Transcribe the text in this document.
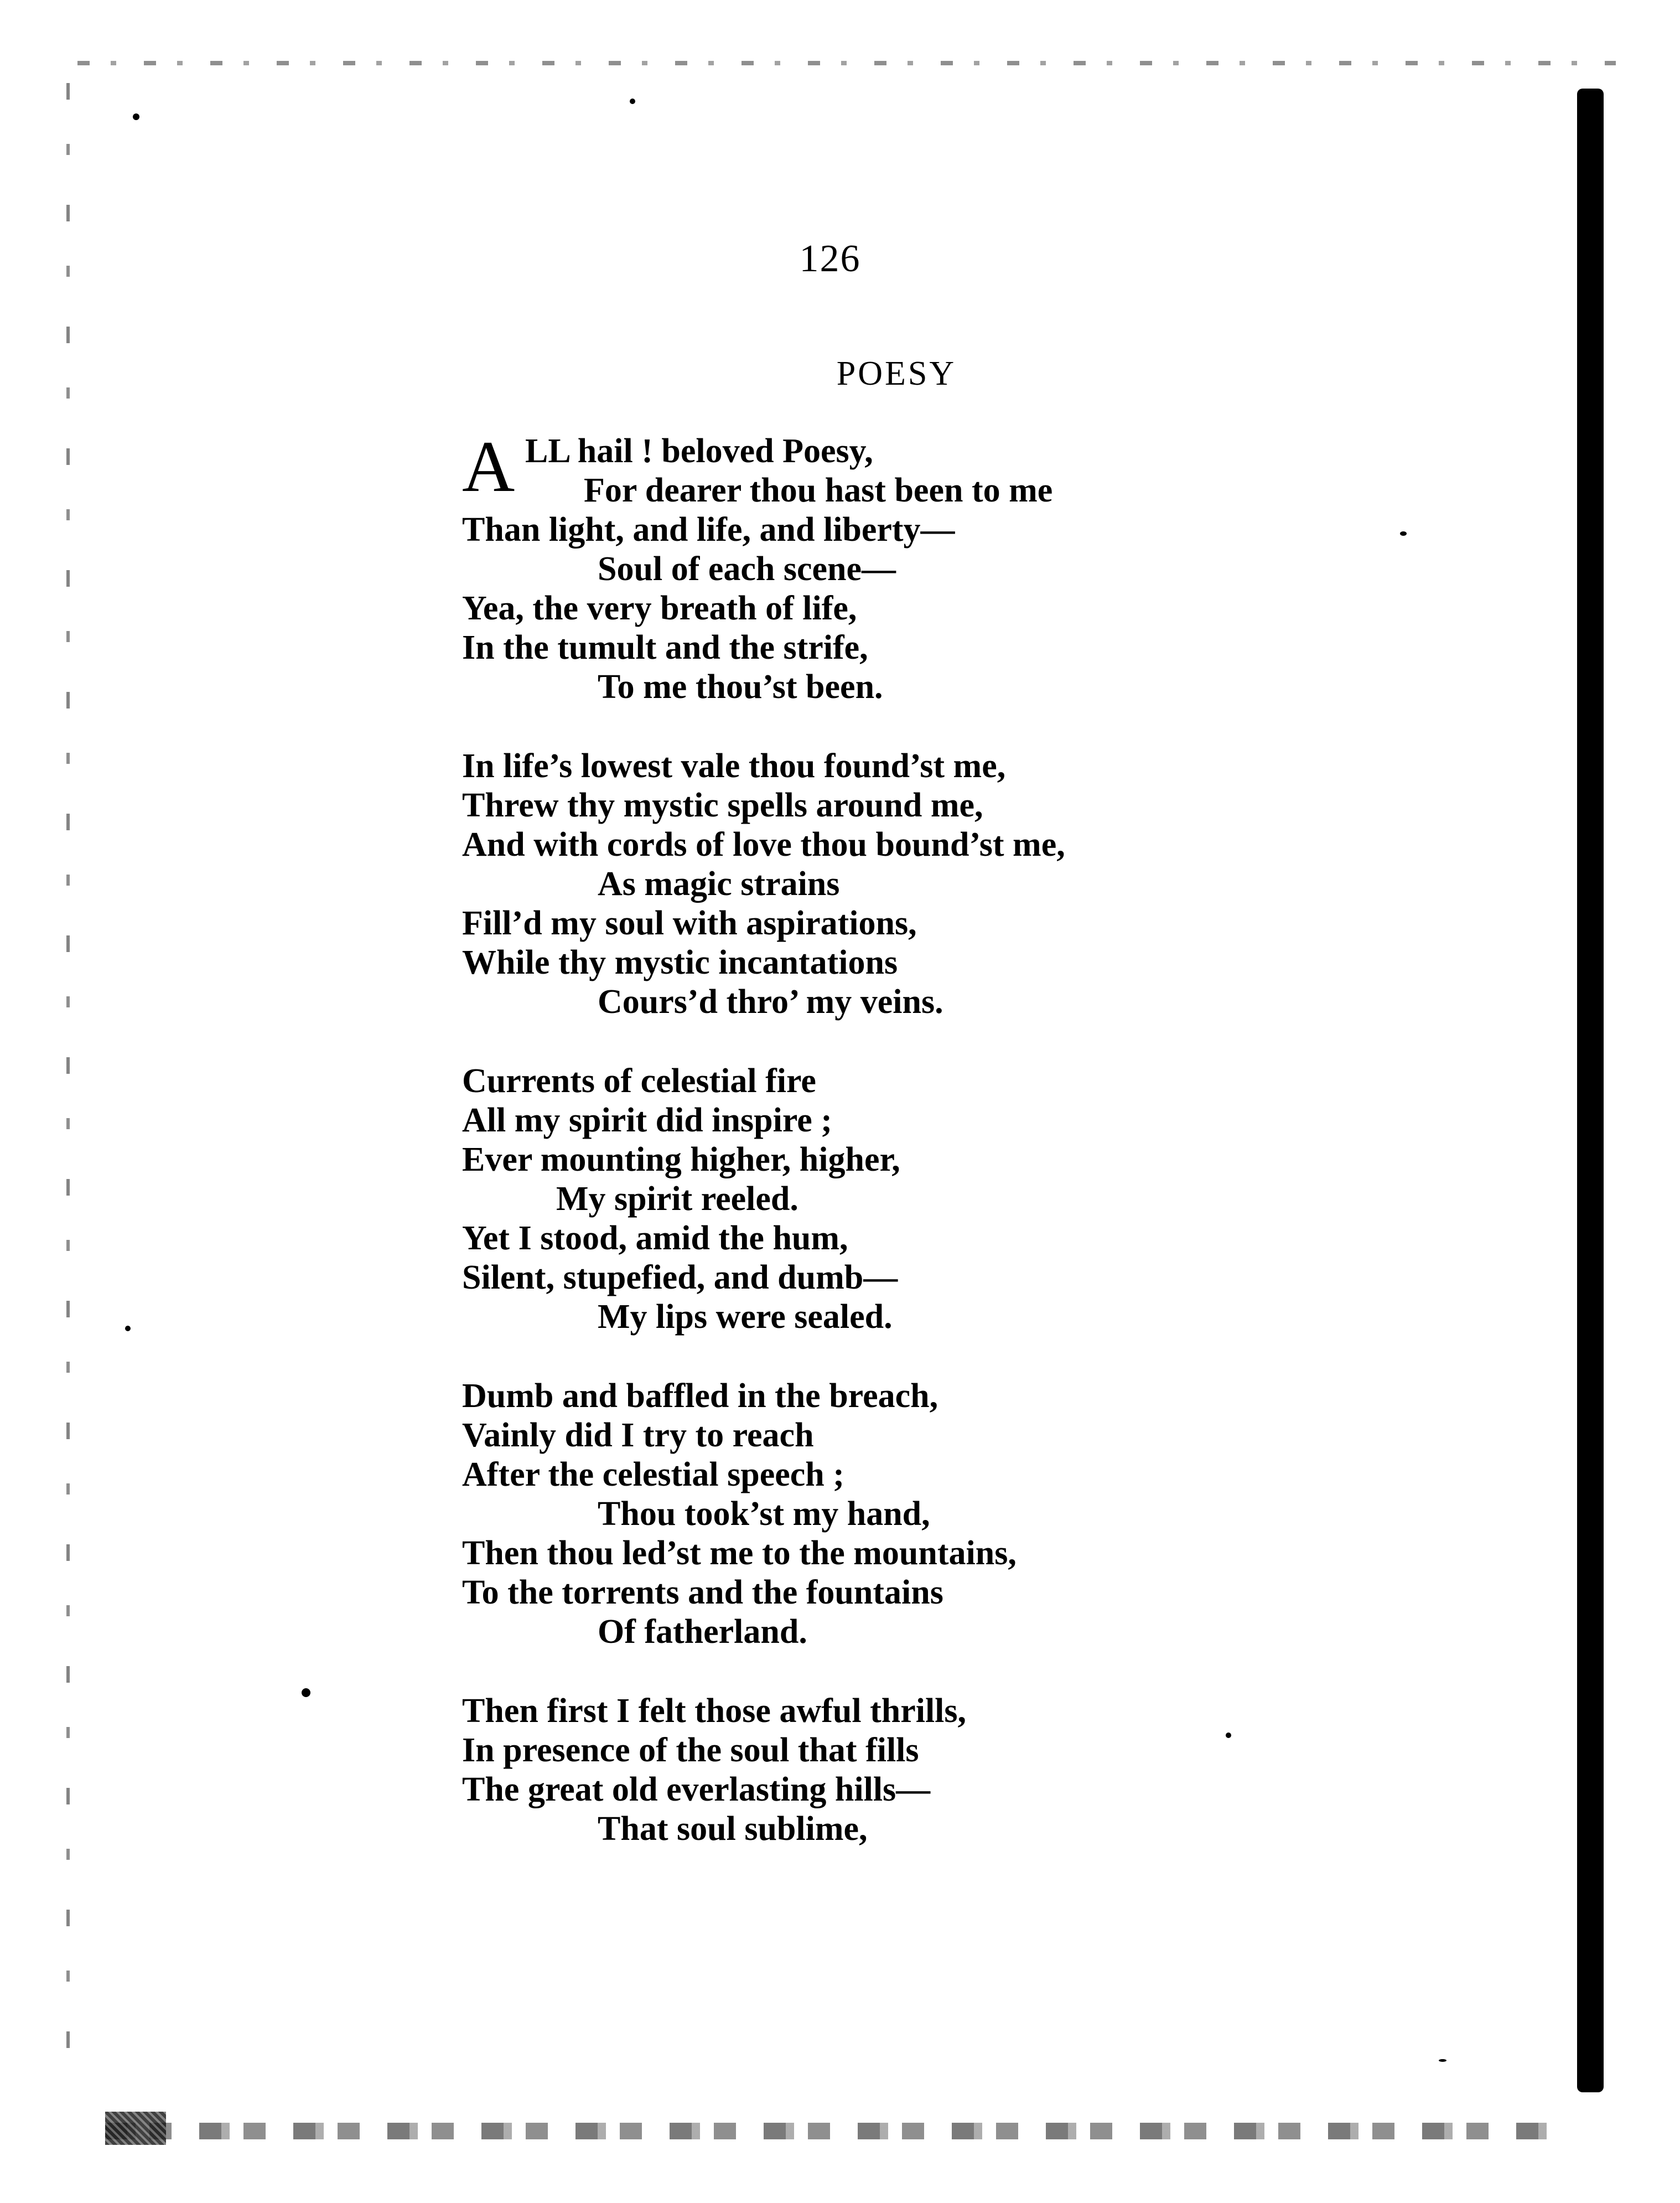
126
POESY
A LL hail ! beloved Poesy,
For dearer thou hast been to me
Than light, and life, and liberty—
Soul of each scene—
Yea, the very breath of life,
In the tumult and the strife,
To me thou’st been.
In life’s lowest vale thou found’st me,
Threw thy mystic spells around me,
And with cords of love thou bound’st me,
As magic strains
Fill’d my soul with aspirations,
While thy mystic incantations
Cours’d thro’ my veins.
Currents of celestial fire
All my spirit did inspire ;
Ever mounting higher, higher,
My spirit reeled.
Yet I stood, amid the hum,
Silent, stupefied, and dumb—
My lips were sealed.
Dumb and baffled in the breach,
Vainly did I try to reach
After the celestial speech ;
Thou took’st my hand,
Then thou led’st me to the mountains,
To the torrents and the fountains
Of fatherland.
Then first I felt those awful thrills,
In presence of the soul that fills
The great old everlasting hills—
That soul sublime,
